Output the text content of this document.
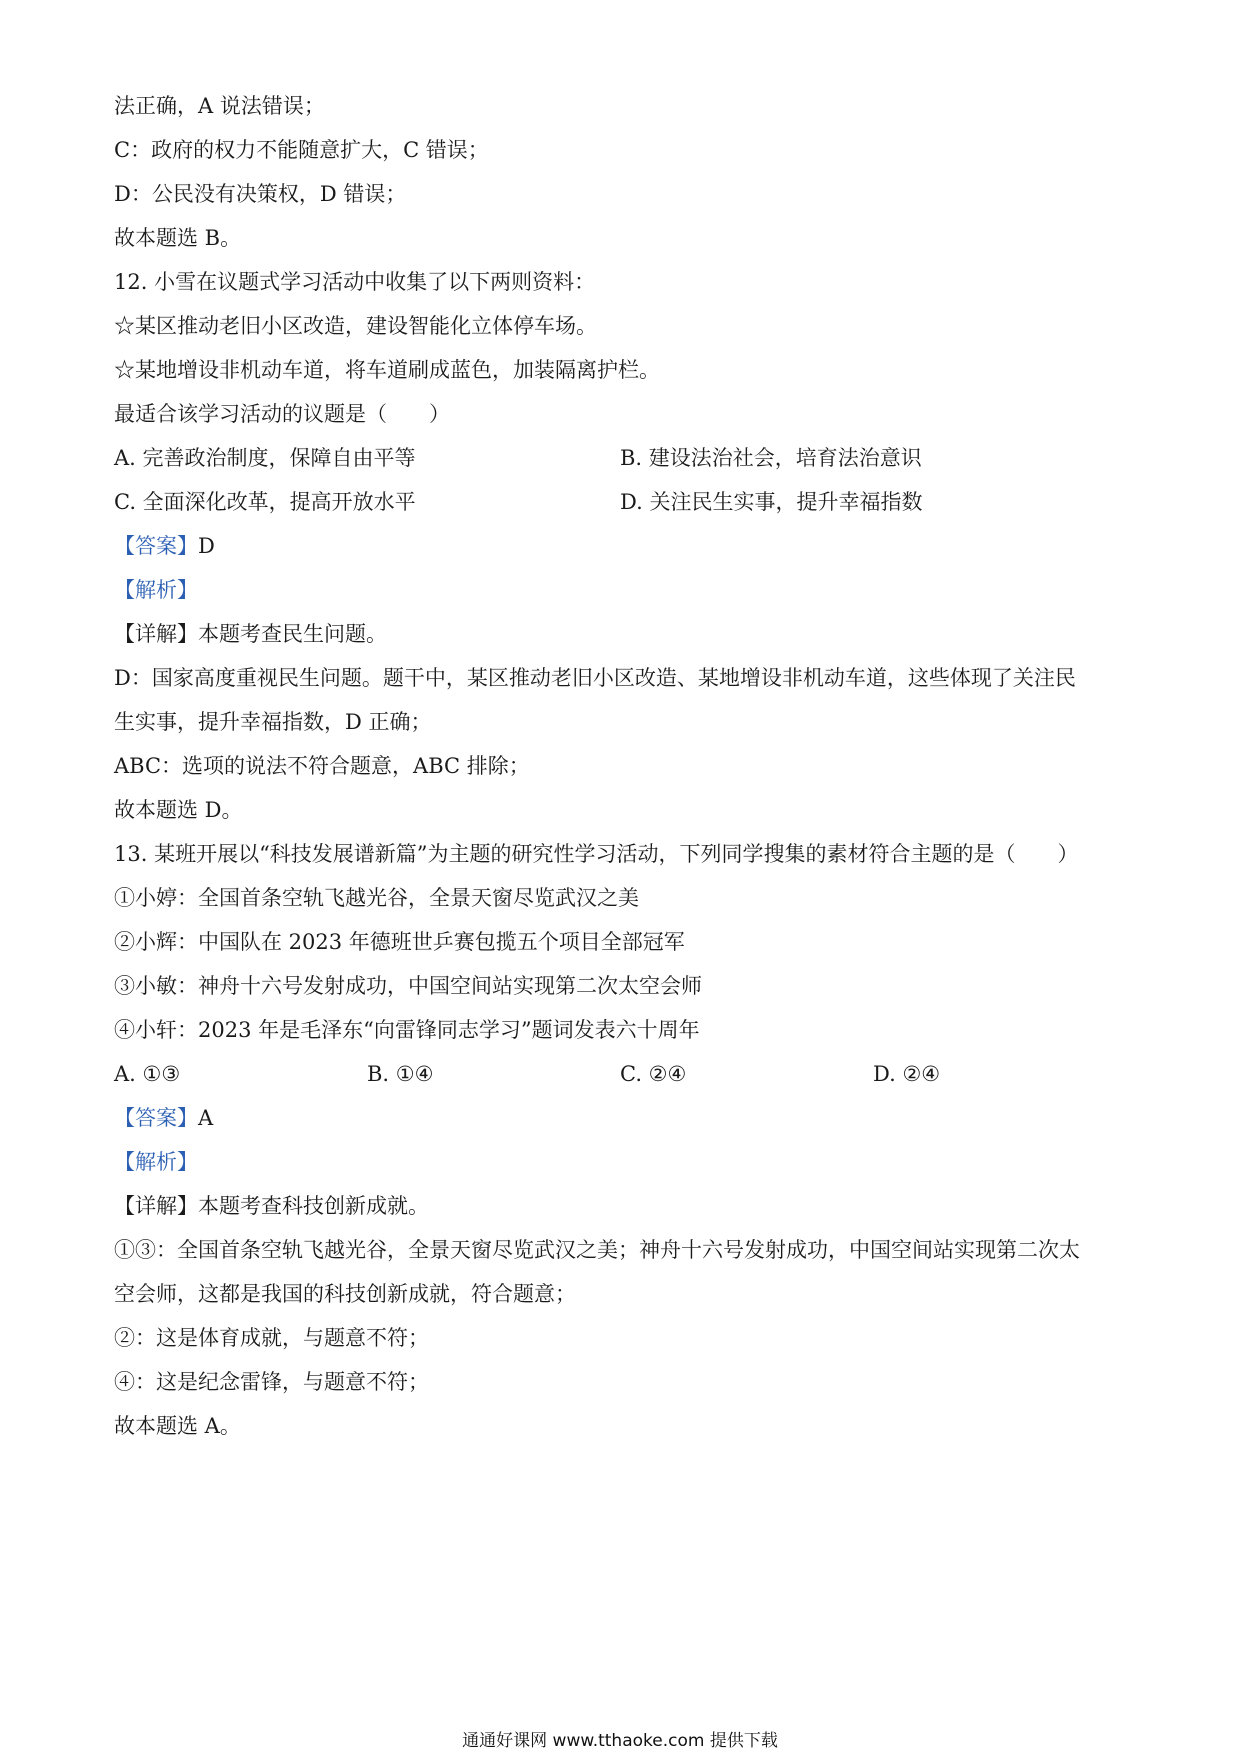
法正确，A 说法错误；
C：政府的权力不能随意扩大，C 错误；
D：公民没有决策权，D 错误；
故本题选 B。
12. 小雪在议题式学习活动中收集了以下两则资料：
☆某区推动老旧小区改造，建设智能化立体停车场。
☆某地增设非机动车道，将车道刷成蓝色，加装隔离护栏。
最适合该学习活动的议题是（　　）
A. 完善政治制度，保障自由平等	B. 建设法治社会，培育法治意识
C. 全面深化改革，提高开放水平	D. 关注民生实事，提升幸福指数
【答案】D
【解析】
【详解】本题考查民生问题。
D：国家高度重视民生问题。题干中，某区推动老旧小区改造、某地增设非机动车道，这些体现了关注民
生实事，提升幸福指数，D 正确；
ABC：选项的说法不符合题意，ABC 排除；
故本题选 D。
13. 某班开展以“科技发展谱新篇”为主题的研究性学习活动，下列同学搜集的素材符合主题的是（　　）
①小婷：全国首条空轨飞越光谷，全景天窗尽览武汉之美
②小辉：中国队在 2023 年德班世乒赛包揽五个项目全部冠军
③小敏：神舟十六号发射成功，中国空间站实现第二次太空会师
④小轩：2023 年是毛泽东“向雷锋同志学习”题词发表六十周年
A. ①③	B. ①④	C. ②④	D. ②④
【答案】A
【解析】
【详解】本题考查科技创新成就。
①③：全国首条空轨飞越光谷，全景天窗尽览武汉之美；神舟十六号发射成功，中国空间站实现第二次太
空会师，这都是我国的科技创新成就，符合题意；
②：这是体育成就，与题意不符；
④：这是纪念雷锋，与题意不符；
故本题选 A。
通通好课网 www.tthaoke.com 提供下载
